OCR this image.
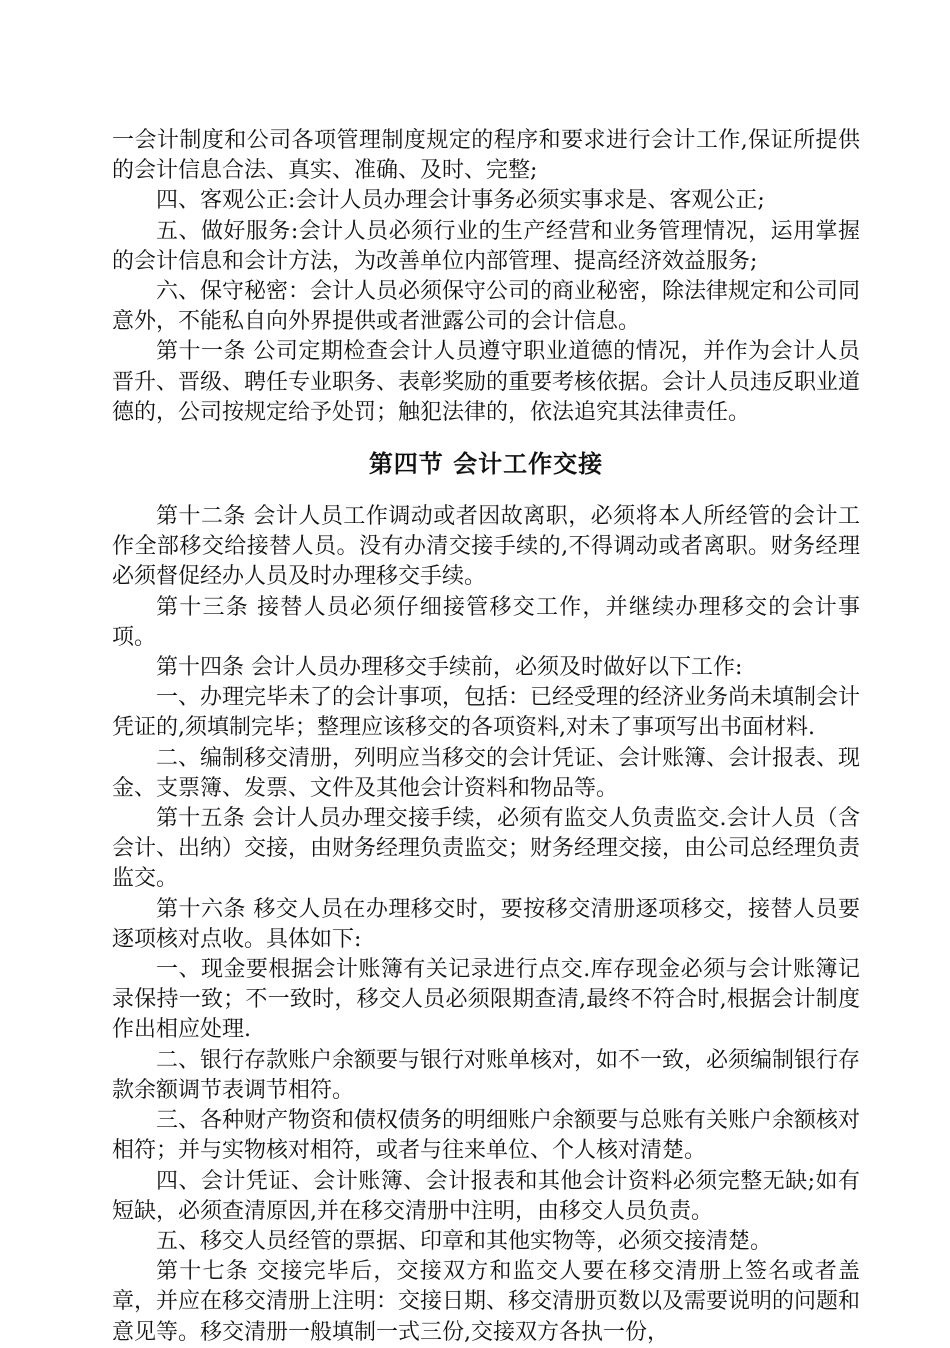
一会计制度和公司各项管理制度规定的程序和要求进行会计工作,保证所提供的会计信息合法、真实、准确、及时、完整;

四、客观公正:会计人员办理会计事务必须实事求是、客观公正;

五、做好服务:会计人员必须行业的生产经营和业务管理情况，运用掌握的会计信息和会计方法，为改善单位内部管理、提高经济效益服务;

六、保守秘密：会计人员必须保守公司的商业秘密，除法律规定和公司同意外，不能私自向外界提供或者泄露公司的会计信息。

第十一条 公司定期检查会计人员遵守职业道德的情况，并作为会计人员晋升、晋级、聘任专业职务、表彰奖励的重要考核依据。会计人员违反职业道德的，公司按规定给予处罚；触犯法律的，依法追究其法律责任。

第四节 会计工作交接

第十二条 会计人员工作调动或者因故离职，必须将本人所经管的会计工作全部移交给接替人员。没有办清交接手续的,不得调动或者离职。财务经理必须督促经办人员及时办理移交手续。

第十三条 接替人员必须仔细接管移交工作，并继续办理移交的会计事项。

第十四条 会计人员办理移交手续前，必须及时做好以下工作:

一、办理完毕未了的会计事项，包括：已经受理的经济业务尚未填制会计凭证的,须填制完毕；整理应该移交的各项资料,对未了事项写出书面材料.

二、编制移交清册，列明应当移交的会计凭证、会计账簿、会计报表、现金、支票簿、发票、文件及其他会计资料和物品等。

第十五条 会计人员办理交接手续，必须有监交人负责监交.会计人员（含会计、出纳）交接，由财务经理负责监交；财务经理交接，由公司总经理负责监交。

第十六条 移交人员在办理移交时，要按移交清册逐项移交，接替人员要逐项核对点收。具体如下:

一、现金要根据会计账簿有关记录进行点交.库存现金必须与会计账簿记录保持一致；不一致时，移交人员必须限期查清,最终不符合时,根据会计制度作出相应处理.

二、银行存款账户余额要与银行对账单核对，如不一致，必须编制银行存款余额调节表调节相符。

三、各种财产物资和债权债务的明细账户余额要与总账有关账户余额核对相符；并与实物核对相符，或者与往来单位、个人核对清楚。

四、会计凭证、会计账簿、会计报表和其他会计资料必须完整无缺;如有短缺，必须查清原因,并在移交清册中注明，由移交人员负责。

五、移交人员经管的票据、印章和其他实物等，必须交接清楚。

第十七条 交接完毕后，交接双方和监交人要在移交清册上签名或者盖章，并应在移交清册上注明：交接日期、移交清册页数以及需要说明的问题和意见等。移交清册一般填制一式三份,交接双方各执一份，
